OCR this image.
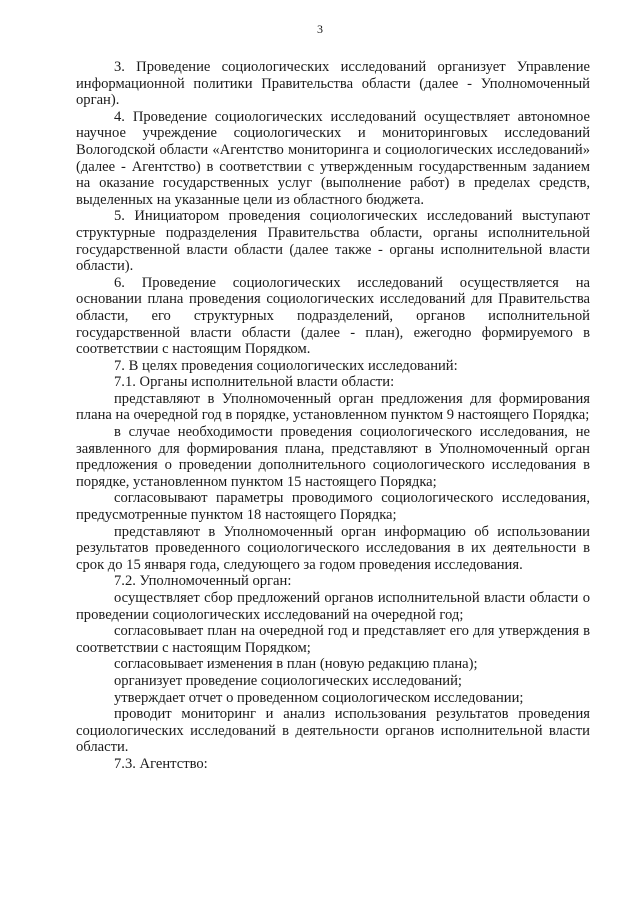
3

3. Проведение социологических исследований организует Управление информационной политики Правительства области (далее - Уполномоченный орган).

4. Проведение социологических исследований осуществляет автономное научное учреждение социологических и мониторинговых исследований Вологодской области «Агентство мониторинга и социологических исследований» (далее - Агентство) в соответствии с утвержденным государственным заданием на оказание государственных услуг (выполнение работ) в пределах средств, выделенных на указанные цели из областного бюджета.

5. Инициатором проведения социологических исследований выступают структурные подразделения Правительства области, органы исполнительной государственной власти области (далее также - органы исполнительной власти области).

6. Проведение социологических исследований осуществляется на основании плана проведения социологических исследований для Правительства области, его структурных подразделений, органов исполнительной государственной власти области (далее - план), ежегодно формируемого в соответствии с настоящим Порядком.

7. В целях проведения социологических исследований:

7.1. Органы исполнительной власти области:

представляют в Уполномоченный орган предложения для формирования плана на очередной год в порядке, установленном пунктом 9 настоящего Порядка;

в случае необходимости проведения социологического исследования, не заявленного для формирования плана, представляют в Уполномоченный орган предложения о проведении дополнительного социологического исследования в порядке, установленном пунктом 15 настоящего Порядка;

согласовывают параметры проводимого социологического исследования, предусмотренные пунктом 18 настоящего Порядка;

представляют в Уполномоченный орган информацию об использовании результатов проведенного социологического исследования в их деятельности в срок до 15 января года, следующего за годом проведения исследования.

7.2. Уполномоченный орган:

осуществляет сбор предложений органов исполнительной власти области о проведении социологических исследований на очередной год;

согласовывает план на очередной год и представляет его для утверждения в соответствии с настоящим Порядком;

согласовывает изменения в план (новую редакцию плана);

организует проведение социологических исследований;

утверждает отчет о проведенном социологическом исследовании;

проводит мониторинг и анализ использования результатов проведения социологических исследований в деятельности органов исполнительной власти области.

7.3. Агентство:
